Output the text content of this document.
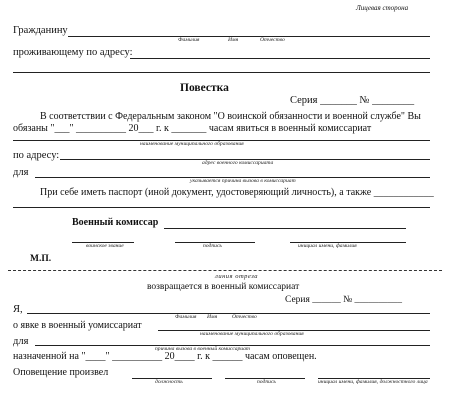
Лицевая сторона
Гражданину
Фамилия	Имя	Отчество
проживающему по адресу:
Повестка
Серия _______ № ________
В соответствии с Федеральным законом "О воинской обязанности и военной службе" Вы
обязаны "___" __________ 20___ г. к _______ часам явиться в военный комиссариат
наименование муниципального образования
по адресу:
адрес военного комиссариата
для
указывается причина вызова в комиссариат
При себе иметь паспорт (иной документ, удостоверяющий личность), а также ____________
Военный комиссар
воинское звание	подпись	инициал имени, фамилия
М.П.
линия отреза
возвращается в военный комиссариат
Серия ______ № __________
Я,
Фамилия Имя	Отчество
о явке в военный уомиссариат
наименование муниципального образования
для
причина вызова в военный комиссариат
назначенной на "____" __________ 20____ г. к ______ часам оповещен.
Оповещение произвел
должность	подпись	инициал имени, фамилия, должностного лица
